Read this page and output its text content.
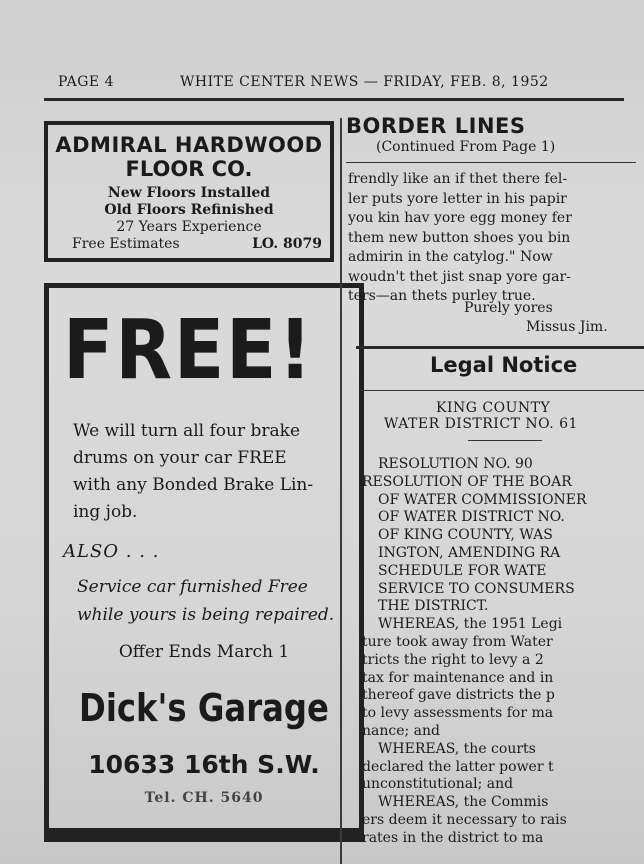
PAGE 4	WHITE CENTER NEWS — FRIDAY, FEB. 8, 1952
ADMIRAL HARDWOOD
FLOOR CO.
New Floors Installed
Old Floors Refinished
27 Years Experience
Free Estimates	LO. 8079
FREE!
We will turn all four brake
drums on your car FREE
with any Bonded Brake Lin-
ing job.
ALSO . . .
Service car furnished Free
while yours is being repaired.
Offer Ends March 1
Dick's Garage
10633 16th S.W.
Tel. CH. 5640
BORDER LINES
(Continued From Page 1)
frendly like an if thet there fel-
ler puts yore letter in his papir
you kin hav yore egg money fer
them new button shoes you bin
admirin in the catylog." Now
woudn't thet jist snap yore gar-
ters—an thets purley true.
Purely yores
Missus Jim.
Legal Notice
KING COUNTY
WATER DISTRICT NO. 61
RESOLUTION NO. 90
RESOLUTION OF THE BOAR
OF WATER COMMISSIONER
OF WATER DISTRICT NO.
OF KING COUNTY, WAS
INGTON, AMENDING RA
SCHEDULE FOR WATE
SERVICE TO CONSUMERS
THE DISTRICT.
WHEREAS, the 1951 Legi
ture took away from Water
tricts the right to levy a 2
tax for maintenance and in
thereof gave districts the p
to levy assessments for ma
nance; and
WHEREAS, the courts
declared the latter power t
unconstitutional; and
WHEREAS, the Commis
ers deem it necessary to rais
rates in the district to ma
